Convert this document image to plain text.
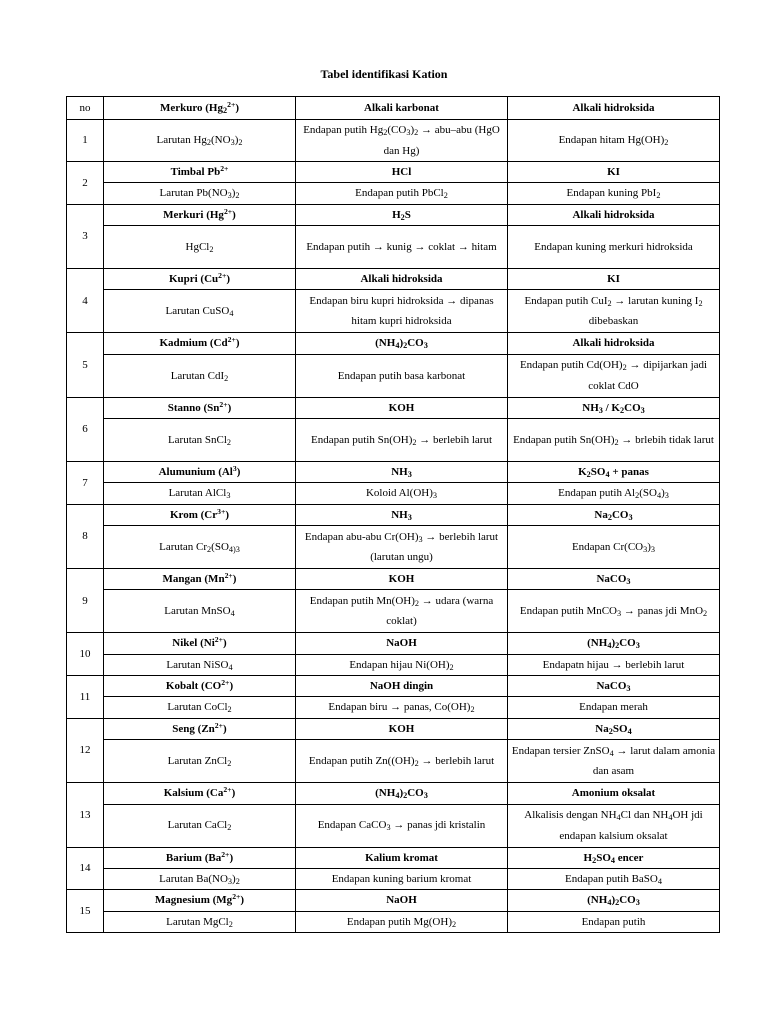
Tabel identifikasi Kation
no	Merkuro $(Hg_2^{2+})$	Alkali karbonat	Alkali hidroksida
1	Larutan $Hg_2(NO_3)_2$	Endapan putih $Hg_2(CO_3)_2 \to abu-abu$ (HgO dan Hg)	Endapan hitam $Hg(OH)_2$
2	Timbal $Pb^{2+}$	HCl	KI
	Larutan $Pb(NO_3)_2$	Endapan putih PbCl$_2$	Endapan kuning PbI$_2$
3	Merkuri $(Hg^{2+})$	$H_2S$	Alkali hidroksida
	HgCl$_2$	Endapan putih → kunig → coklat → hitam	Endapan kuning merkuri hidroksida
4	Kupri $(Cu^{2+})$	Alkali hidroksida	KI
	Larutan CuSO$_4$	Endapan biru kupri hidroksida → dipanas hitam kupri hidroksida	Endapan putih CuI$_2$ → larutan kuning $I_2$ dibebaskan
5	Kadmium $(Cd^{2+})$	$(NH_4)_2CO_3$	Alkali hidroksida
	Larutan CdI$_2$	Endapan putih basa karbonat	Endapan putih $Cd(OH)_2$ → dipijarkan jadi coklat CdO
6	Stanno $(Sn^{2+})$	KOH	$NH_3 / K_2CO_3$
	Larutan SnCl$_2$	Endapan putih $Sn(OH)_2$ → berlebih larut	Endapan putih $Sn(OH)_2$ → brlebih tidak larut
7	Alumunium (Al$^3$)	$NH_3$	$K_2SO_4$ + panas
	Larutan AlCl$_3$	Koloid $Al(OH)_3$	Endapan putih $Al_2(SO_4)_3$
8	Krom $(Cr^{3+})$	$NH_3$	$Na_2CO_3$
	Larutan $Cr_2(SO_{4)3}$	Endapan abu-abu $Cr(OH)_3$ → berlebih larut (larutan ungu)	Endapan $Cr(CO_3)_3$
9	Mangan $(Mn^{2+})$	KOH	NaCO$_3$
	Larutan MnSO$_4$	Endapan putih $Mn(OH)_2$ → udara (warna coklat)	Endapan putih MnCO$_3$ → panas jdi MnO$_2$
10	Nikel $(Ni^{2+})$	NaOH	$(NH_4)_2CO_3$
	Larutan NiSO$_4$	Endapan hijau $Ni(OH)_2$	Endapatn hijau → berlebih larut
11	Kobalt $(CO^{2+})$	NaOH dingin	NaCO$_3$
	Larutan CoCl$_2$	Endapan biru → panas, $Co(OH)_2$	Endapan merah
12	Seng $(Zn^{2+})$	KOH	$Na_2SO_4$
	Larutan ZnCl$_2$	Endapan putih $Zn((OH)_2$ → berlebih larut	Endapan tersier ZnSO$_4$ → larut dalam amonia dan asam
13	Kalsium $(Ca^{2+})$	$(NH_4)_2CO_3$	Amonium oksalat
	Larutan CaCl$_2$	Endapan CaCO$_3$ → panas jdi kristalin	Alkalisis dengan $NH_4Cl$ dan $NH_4OH$ jdi endapan kalsium oksalat
14	Barium $(Ba^{2+})$	Kalium kromat	$H_2SO_4$ encer
	Larutan $Ba(NO_3)_2$	Endapan kuning barium kromat	Endapan putih BaSO$_4$
15	Magnesium $(Mg^{2+})$	NaOH	$(NH_4)_2CO_3$
	Larutan MgCl$_2$	Endapan putih $Mg(OH)_2$	Endapan putih
